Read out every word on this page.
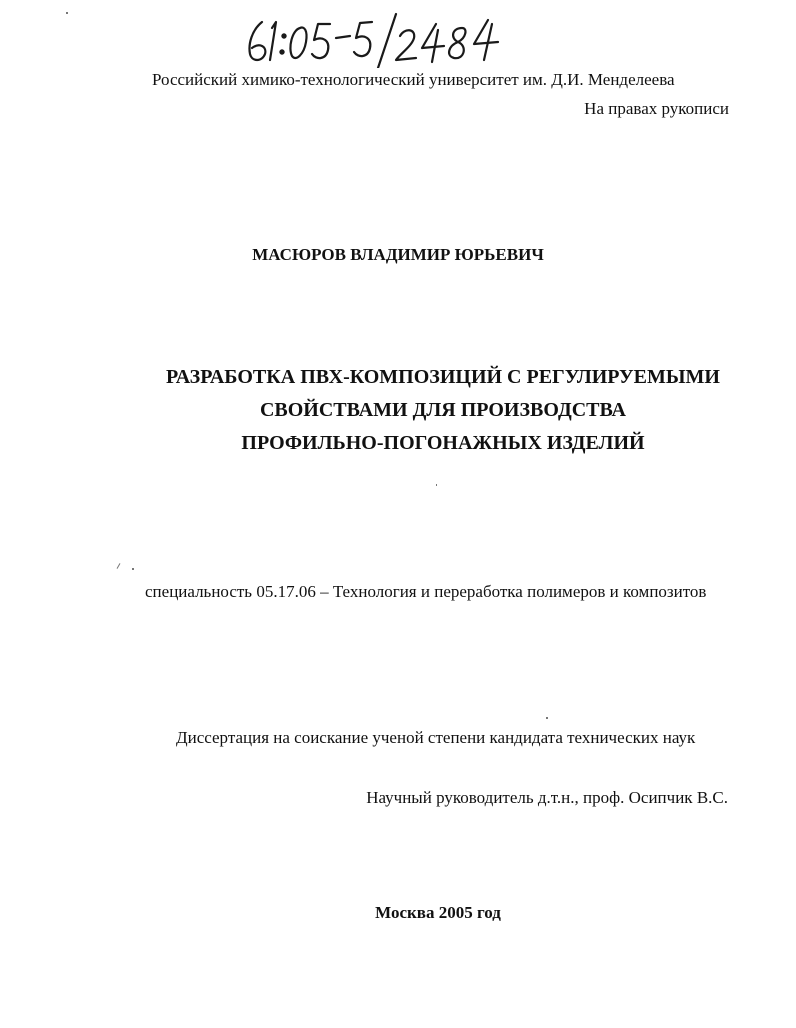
Российский химико-технологический университет им. Д.И. Менделеева
На правах рукописи
МАСЮРОВ ВЛАДИМИР ЮРЬЕВИЧ
РАЗРАБОТКА ПВХ-КОМПОЗИЦИЙ С РЕГУЛИРУЕМЫМИ
СВОЙСТВАМИ ДЛЯ ПРОИЗВОДСТВА
ПРОФИЛЬНО-ПОГОНАЖНЫХ ИЗДЕЛИЙ
специальность 05.17.06 – Технология и переработка полимеров и композитов
Диссертация на соискание ученой степени кандидата технических наук
Научный руководитель д.т.н., проф. Осипчик В.С.
Москва 2005 год
